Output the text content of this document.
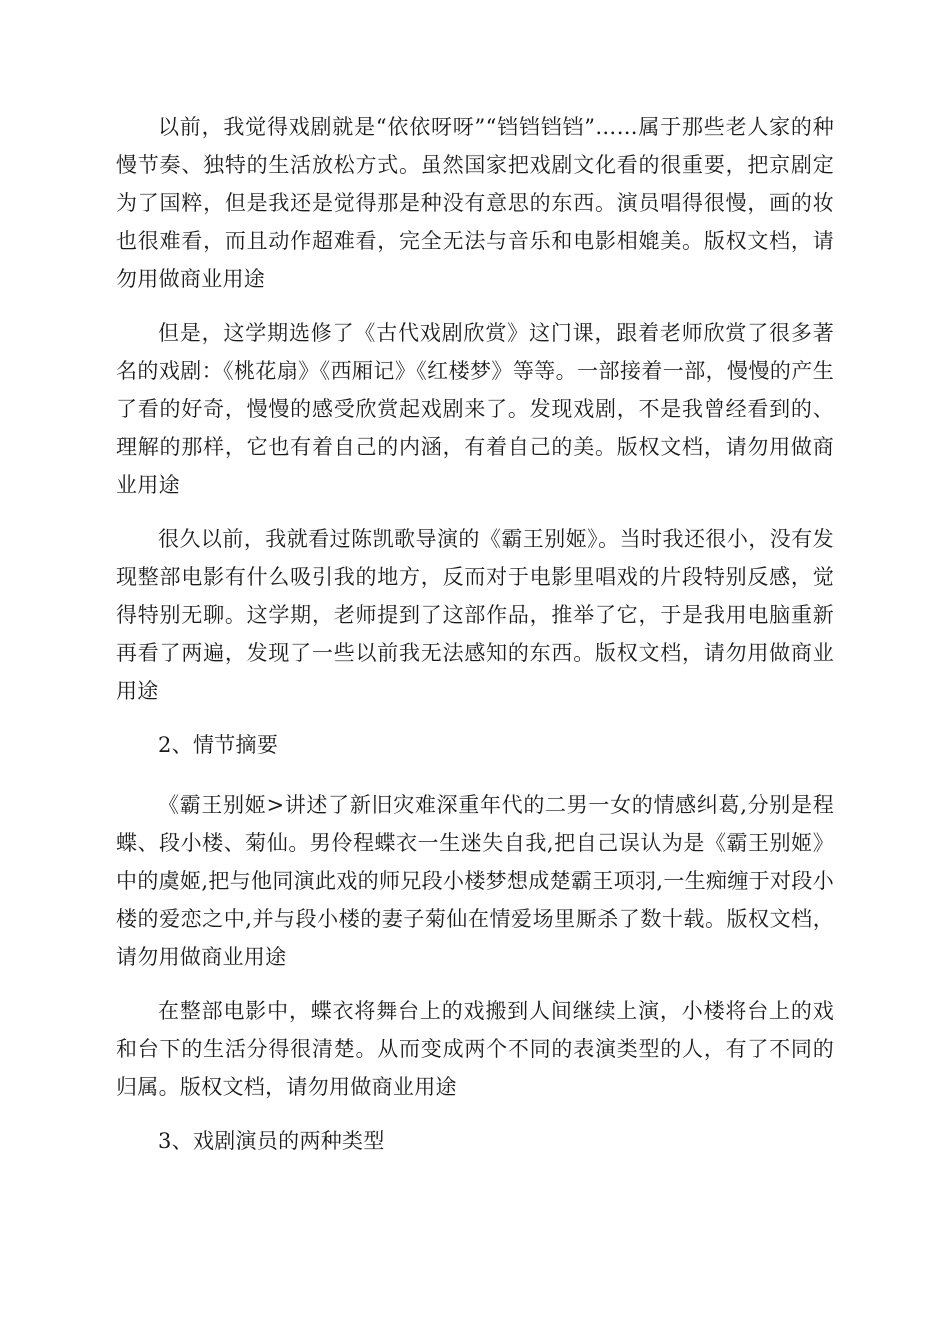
以前，我觉得戏剧就是“依依呀呀”“铛铛铛铛”……属于那些老人家的种慢节奏、独特的生活放松方式。虽然国家把戏剧文化看的很重要，把京剧定为了国粹，但是我还是觉得那是种没有意思的东西。演员唱得很慢，画的妆也很难看，而且动作超难看，完全无法与音乐和电影相媲美。版权文档，请勿用做商业用途

但是，这学期选修了《古代戏剧欣赏》这门课，跟着老师欣赏了很多著名的戏剧：《桃花扇》《西厢记》《红楼梦》等等。一部接着一部，慢慢的产生了看的好奇，慢慢的感受欣赏起戏剧来了。发现戏剧，不是我曾经看到的、理解的那样，它也有着自己的内涵，有着自己的美。版权文档，请勿用做商业用途

很久以前，我就看过陈凯歌导演的《霸王别姬》。当时我还很小，没有发现整部电影有什么吸引我的地方，反而对于电影里唱戏的片段特别反感，觉得特别无聊。这学期，老师提到了这部作品，推举了它，于是我用电脑重新再看了两遍，发现了一些以前我无法感知的东西。版权文档，请勿用做商业用途

2、情节摘要

《霸王别姬>讲述了新旧灾难深重年代的二男一女的情感纠葛,分别是程蝶、段小楼、菊仙。男伶程蝶衣一生迷失自我,把自己误认为是《霸王别姬》中的虞姬,把与他同演此戏的师兄段小楼梦想成楚霸王项羽,一生痴缠于对段小楼的爱恋之中,并与段小楼的妻子菊仙在情爱场里厮杀了数十载。版权文档，请勿用做商业用途

在整部电影中，蝶衣将舞台上的戏搬到人间继续上演，小楼将台上的戏和台下的生活分得很清楚。从而变成两个不同的表演类型的人，有了不同的归属。版权文档，请勿用做商业用途

3、戏剧演员的两种类型
